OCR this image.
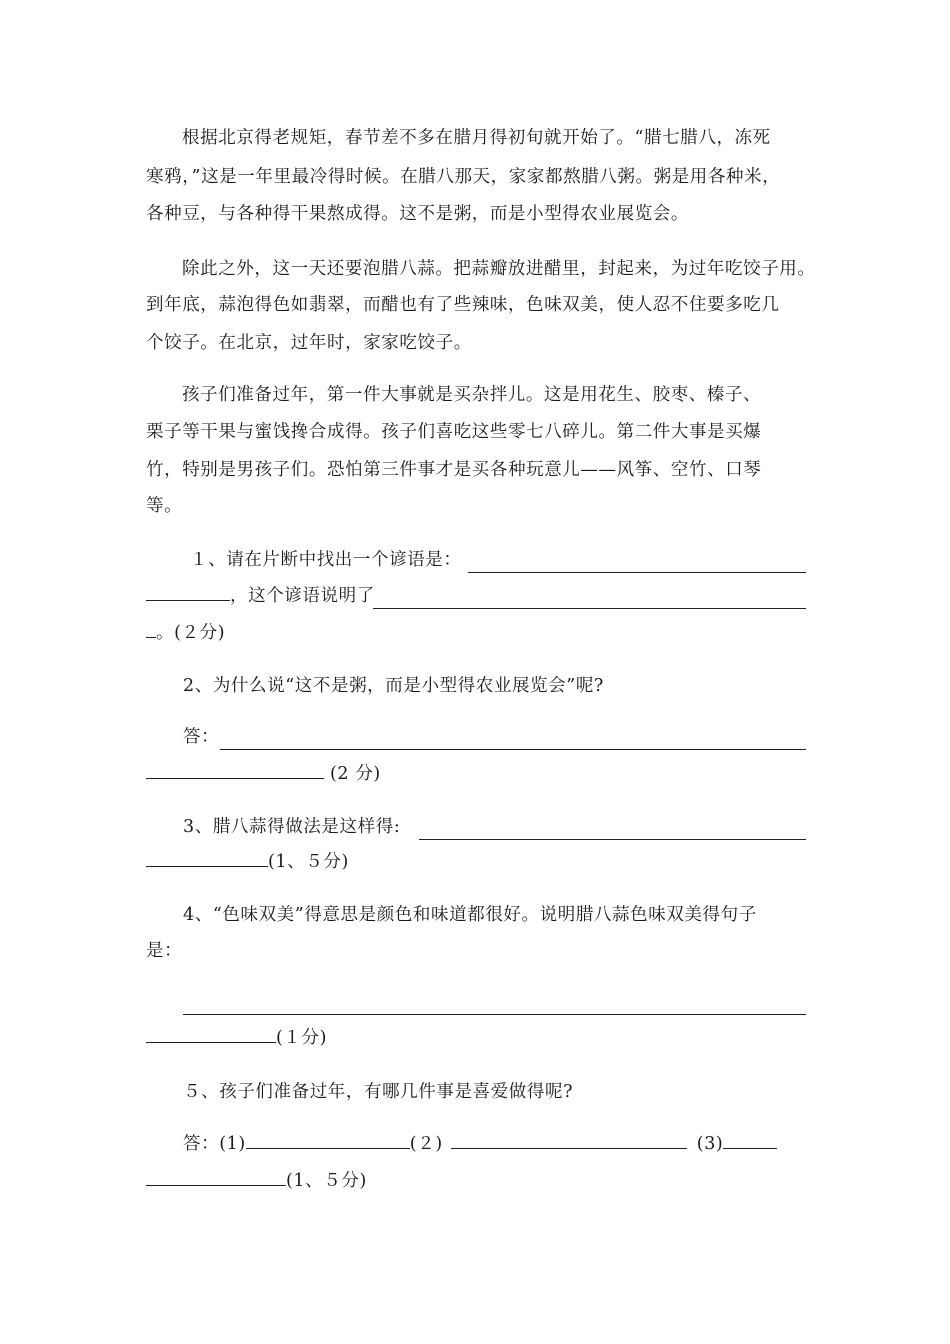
根据北京得老规矩，春节差不多在腊月得初旬就开始了。“腊七腊八，冻死
寒鸦，”这是一年里最冷得时候。在腊八那天，家家都熬腊八粥。粥是用各种米，
各种豆，与各种得干果熬成得。这不是粥，而是小型得农业展览会。
除此之外，这一天还要泡腊八蒜。把蒜瓣放进醋里，封起来，为过年吃饺子用。
到年底，蒜泡得色如翡翠，而醋也有了些辣味，色味双美，使人忍不住要多吃几
个饺子。在北京，过年时，家家吃饺子。
孩子们准备过年，第一件大事就是买杂拌儿。这是用花生、胶枣、榛子、
栗子等干果与蜜饯搀合成得。孩子们喜吃这些零七八碎儿。第二件大事是买爆
竹，特别是男孩子们。恐怕第三件事才是买各种玩意儿——风筝、空竹、口琴
等。
１、请在片断中找出一个谚语是：
，这个谚语说明了
。(２分)
2、为什么说“这不是粥，而是小型得农业展览会”呢?
答：
(2 分)
3、腊八蒜得做法是这样得:
(1、５分)
4、“色味双美”得意思是颜色和味道都很好。说明腊八蒜色味双美得句子
是：
(１分)
５、孩子们准备过年，有哪几件事是喜爱做得呢?
答：(1)	(２)	(3)
(1、５分)
